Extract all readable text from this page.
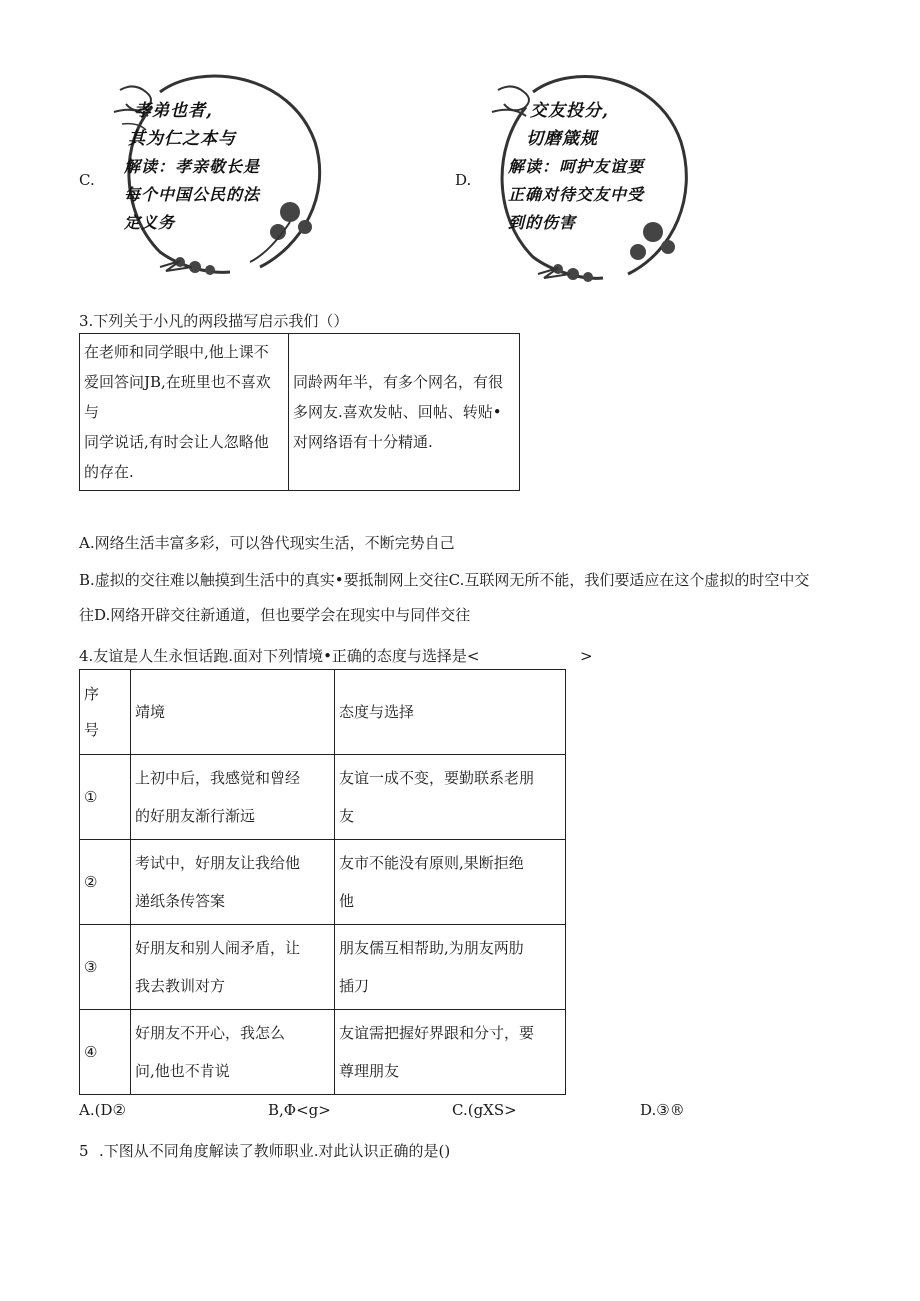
C.
孝弟也者,
其为仁之本与
解读：孝亲敬长是
每个中国公民的法
定义务
D.
交友投分,
切磨箴规
解读：呵护友谊要
正确对待交友中受
到的伤害
3.下列关于小凡的两段描写启示我们（）
在老师和同学眼中,他上课不
爱回答问JB,在班里也不喜欢与
同学说话,有时会让人忽略他
的存在.

同龄两年半，有多个网名，有很
多网友.喜欢发帖、回帖、转贴•
对网络语有十分精通.
A.网络生活丰富多彩，可以咎代现实生活，不断完势自己
B.虚拟的交往难以触摸到生活中的真实•要抵制网上交往C.互联网无所不能，我们要适应在这个虚拟的时空中交
往D.网络开辟交往新通道，但也要学会在现实中与同伴交往
4.友谊是人生永恒话跑.面对下列情境•正确的态度与选择是<	>
序
号	靖境	态度与选择
①	上初中后，我感觉和曾经
的好朋友渐行渐远	友谊一成不变，要勤联系老朋
友

②	考试中，好朋友让我给他
递纸条传答案	友市不能没有原则,果断拒绝
他

③	好朋友和别人闹矛盾，让
我去教训对方	朋友儒互相帮助,为朋友两肋
插刀

④	好朋友不开心，我怎么
问,他也不肯说	友谊需把握好界跟和分寸，要
尊理朋友
A.(D②	B,Φ<g>	C.(gXS>	D.③®
5 .下图从不同角度解读了教师职业.对此认识正确的是()
